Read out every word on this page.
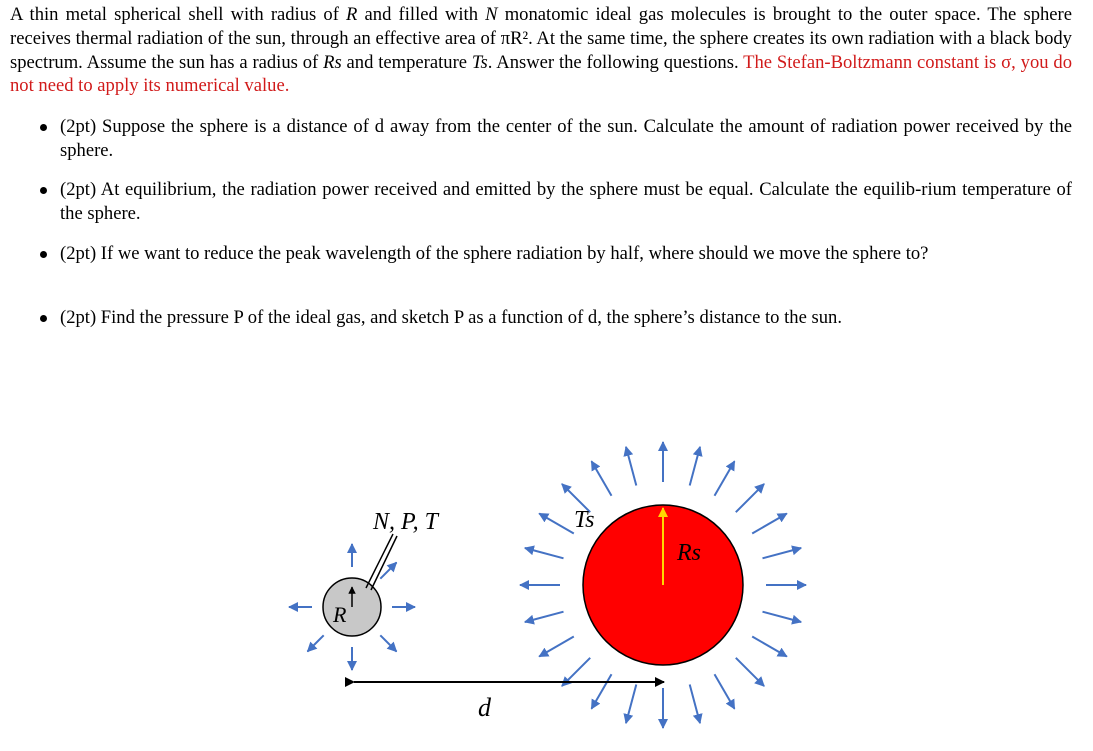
A thin metal spherical shell with radius of R and filled with N monatomic ideal gas molecules is brought to the outer space. The sphere receives thermal radiation of the sun, through an effective area of πR². At the same time, the sphere creates its own radiation with a black body spectrum. Assume the sun has a radius of Rs and temperature Ts. Answer the following questions. The Stefan-Boltzmann constant is σ, you do not need to apply its numerical value.
(2pt) Suppose the sphere is a distance of d away from the center of the sun. Calculate the amount of radiation power received by the sphere.
(2pt) At equilibrium, the radiation power received and emitted by the sphere must be equal. Calculate the equilib-rium temperature of the sphere.
(2pt) If we want to reduce the peak wavelength of the sphere radiation by half, where should we move the sphere to?
(2pt) Find the pressure P of the ideal gas, and sketch P as a function of d, the sphere’s distance to the sun.
Rs
Ts
R
N, P, T
d
